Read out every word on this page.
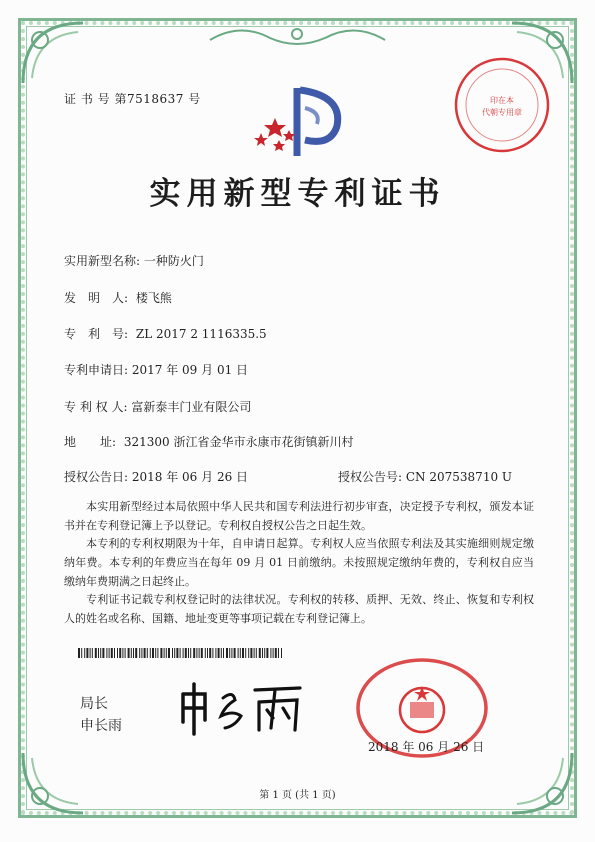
证 书 号 第7518637 号
实用新型专利证书
实用新型名称: 一种防火门
发　明　人: 楼飞熊
专　利　号: ZL 2017 2 1116335.5
专利申请日: 2017 年 09 月 01 日
专 利 权 人: 富新泰丰门业有限公司
地　　址: 321300 浙江省金华市永康市花街镇新川村
授权公告日: 2018 年 06 月 26 日	授权公告号: CN 207538710 U
本实用新型经过本局依照中华人民共和国专利法进行初步审查，决定授予专利权，颁发本证书并在专利登记簿上予以登记。专利权自授权公告之日起生效。
本专利的专利权期限为十年，自申请日起算。专利权人应当依照专利法及其实施细则规定缴纳年费。本专利的年费应当在每年 09 月 01 日前缴纳。未按照规定缴纳年费的，专利权自应当缴纳年费期满之日起终止。
专利证书记载专利权登记时的法律状况。专利权的转移、质押、无效、终止、恢复和专利权人的姓名或名称、国籍、地址变更等事项记载在专利登记簿上。
局长
申长雨
2018 年 06 月 26 日
印在本
代朝专用章
第 1 页 (共 1 页)
